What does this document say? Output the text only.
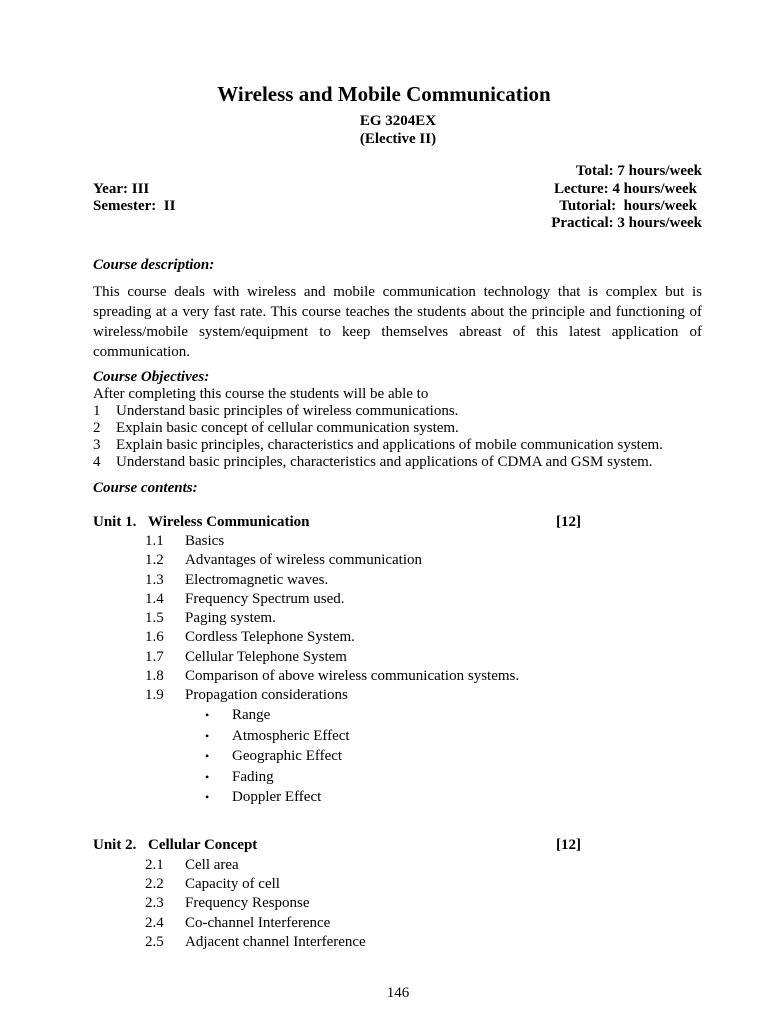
Wireless and Mobile Communication
EG 3204EX
(Elective II)
Total: 7 hours/week
Year: III	Lecture: 4 hours/week
Semester:  II	Tutorial:  hours/week
Practical: 3 hours/week
Course description:
This course deals with wireless and mobile communication technology that is complex but is spreading at a very fast rate. This course teaches the students about the principle and functioning of wireless/mobile system/equipment to keep themselves abreast of this latest application of communication.
Course Objectives:
After completing this course the students will be able to
1 Understand basic principles of wireless communications.
2 Explain basic concept of cellular communication system.
3 Explain basic principles, characteristics and applications of mobile communication system.
4 Understand basic principles, characteristics and applications of CDMA and GSM system.
Course contents:
Unit 1. Wireless Communication	[12]
1.1 Basics
1.2 Advantages of wireless communication
1.3 Electromagnetic waves.
1.4 Frequency Spectrum used.
1.5 Paging system.
1.6 Cordless Telephone System.
1.7 Cellular Telephone System
1.8 Comparison of above wireless communication systems.
1.9 Propagation considerations
• Range
• Atmospheric Effect
• Geographic Effect
• Fading
• Doppler Effect
Unit 2. Cellular Concept	[12]
2.1 Cell area
2.2 Capacity of cell
2.3 Frequency Response
2.4 Co-channel Interference
2.5 Adjacent channel Interference
146
